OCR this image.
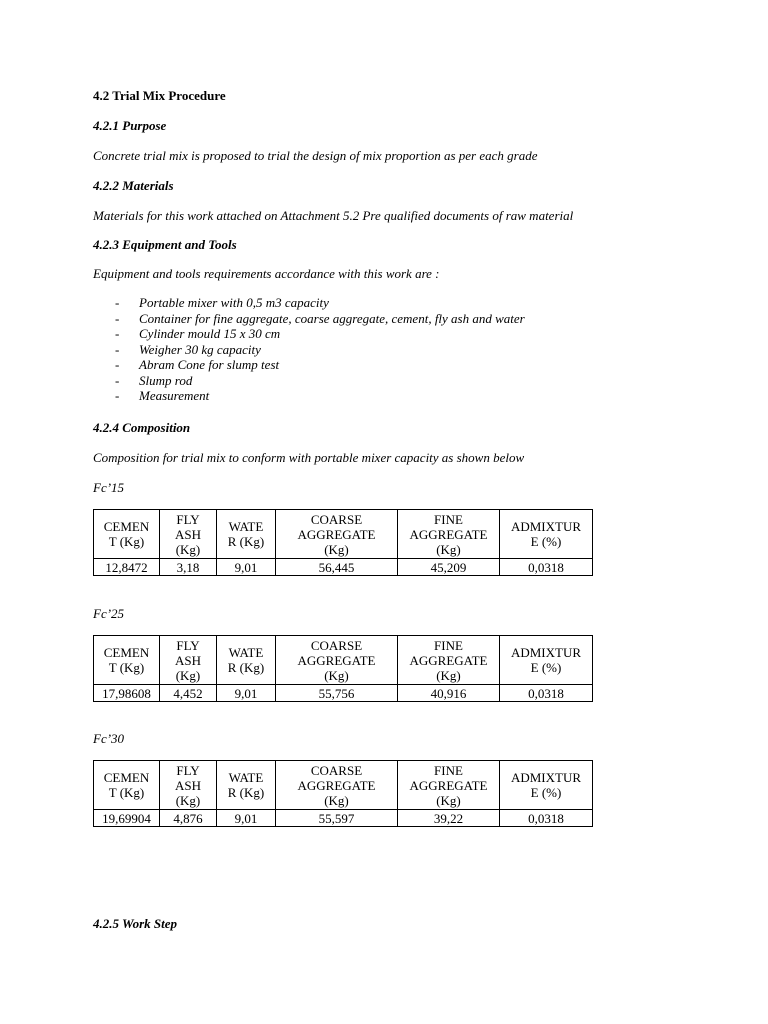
4.2 Trial Mix Procedure
4.2.1 Purpose
Concrete trial mix is proposed to trial the design of mix proportion as per each grade
4.2.2 Materials
Materials for this work attached on Attachment 5.2 Pre qualified documents of raw material
4.2.3 Equipment and Tools
Equipment and tools requirements accordance with this work are :
- Portable mixer with 0,5 m3 capacity
- Container for fine aggregate, coarse aggregate, cement, fly ash and water
- Cylinder mould 15 x 30 cm
- Weigher 30 kg capacity
- Abram Cone for slump test
- Slump rod
- Measurement
4.2.4 Composition
Composition for trial mix to conform with portable mixer capacity as shown below
Fc’15
CEMEN
T (Kg)	FLY
ASH
(Kg)	WATE
R (Kg)	COARSE
AGGREGATE
(Kg)	FINE
AGGREGATE
(Kg)	ADMIXTUR
E (%)
12,8472	3,18	9,01	56,445	45,209	0,0318
Fc’25
CEMEN
T (Kg)	FLY
ASH
(Kg)	WATE
R (Kg)	COARSE
AGGREGATE
(Kg)	FINE
AGGREGATE
(Kg)	ADMIXTUR
E (%)
17,98608	4,452	9,01	55,756	40,916	0,0318
Fc’30
CEMEN
T (Kg)	FLY
ASH
(Kg)	WATE
R (Kg)	COARSE
AGGREGATE
(Kg)	FINE
AGGREGATE
(Kg)	ADMIXTUR
E (%)
19,69904	4,876	9,01	55,597	39,22	0,0318
4.2.5 Work Step
